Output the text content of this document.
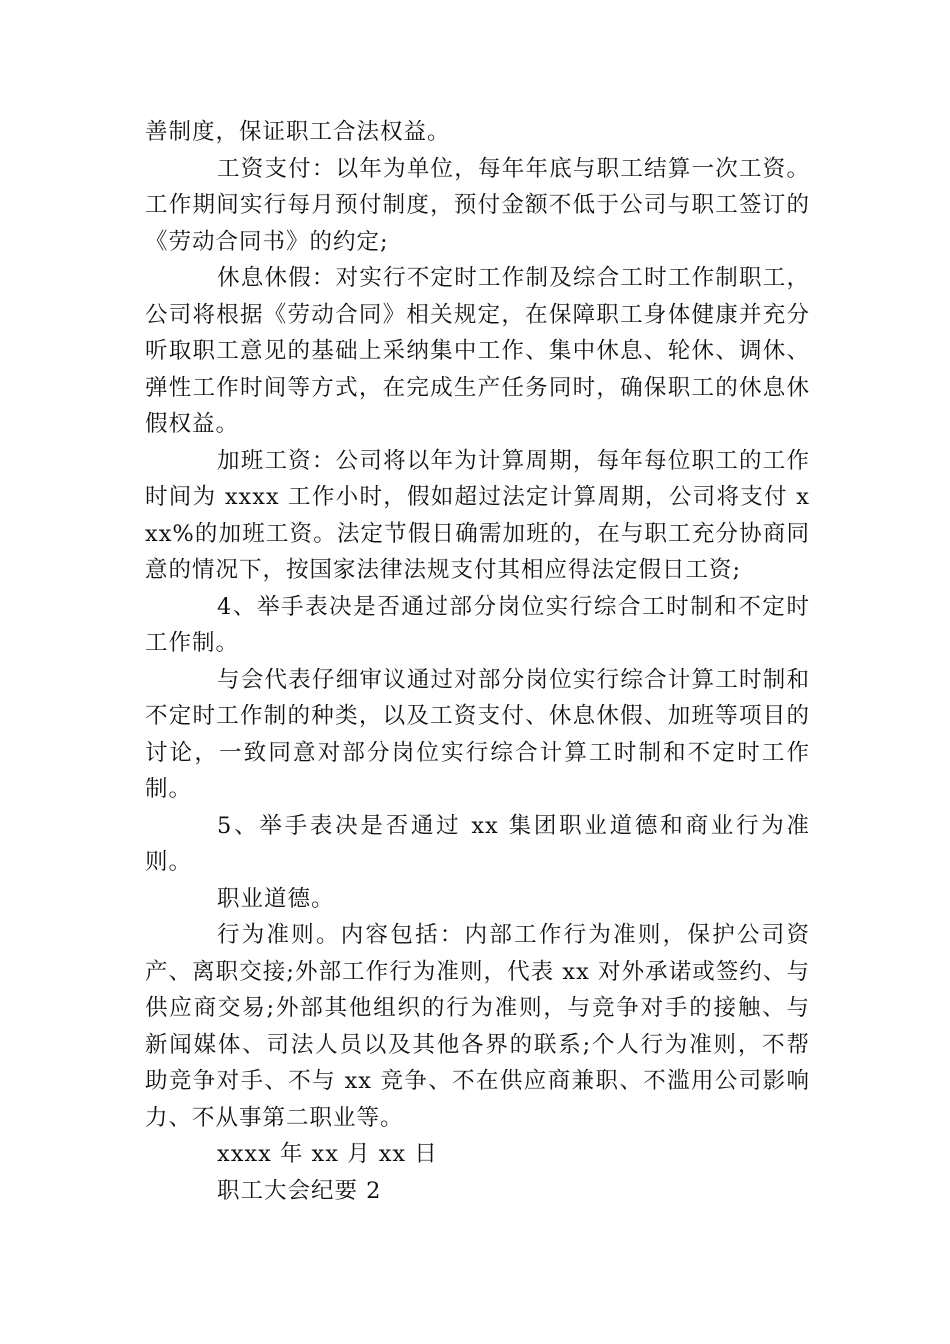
善制度，保证职工合法权益。

工资支付：以年为单位，每年年底与职工结算一次工资。工作期间实行每月预付制度，预付金额不低于公司与职工签订的《劳动合同书》的约定;

休息休假：对实行不定时工作制及综合工时工作制职工，公司将根据《劳动合同》相关规定，在保障职工身体健康并充分听取职工意见的基础上采纳集中工作、集中休息、轮休、调休、弹性工作时间等方式，在完成生产任务同时，确保职工的休息休假权益。

加班工资：公司将以年为计算周期，每年每位职工的工作时间为 xxxx 工作小时，假如超过法定计算周期，公司将支付 xxx%的加班工资。法定节假日确需加班的，在与职工充分协商同意的情况下，按国家法律法规支付其相应得法定假日工资;

4、举手表决是否通过部分岗位实行综合工时制和不定时工作制。

与会代表仔细审议通过对部分岗位实行综合计算工时制和不定时工作制的种类，以及工资支付、休息休假、加班等项目的讨论，一致同意对部分岗位实行综合计算工时制和不定时工作制。

5、举手表决是否通过 xx 集团职业道德和商业行为准则。

职业道德。

行为准则。内容包括：内部工作行为准则，保护公司资产、离职交接;外部工作行为准则，代表 xx 对外承诺或签约、与供应商交易;外部其他组织的行为准则，与竞争对手的接触、与新闻媒体、司法人员以及其他各界的联系;个人行为准则，不帮助竞争对手、不与 xx 竞争、不在供应商兼职、不滥用公司影响力、不从事第二职业等。

xxxx 年 xx 月 xx 日

职工大会纪要 2
